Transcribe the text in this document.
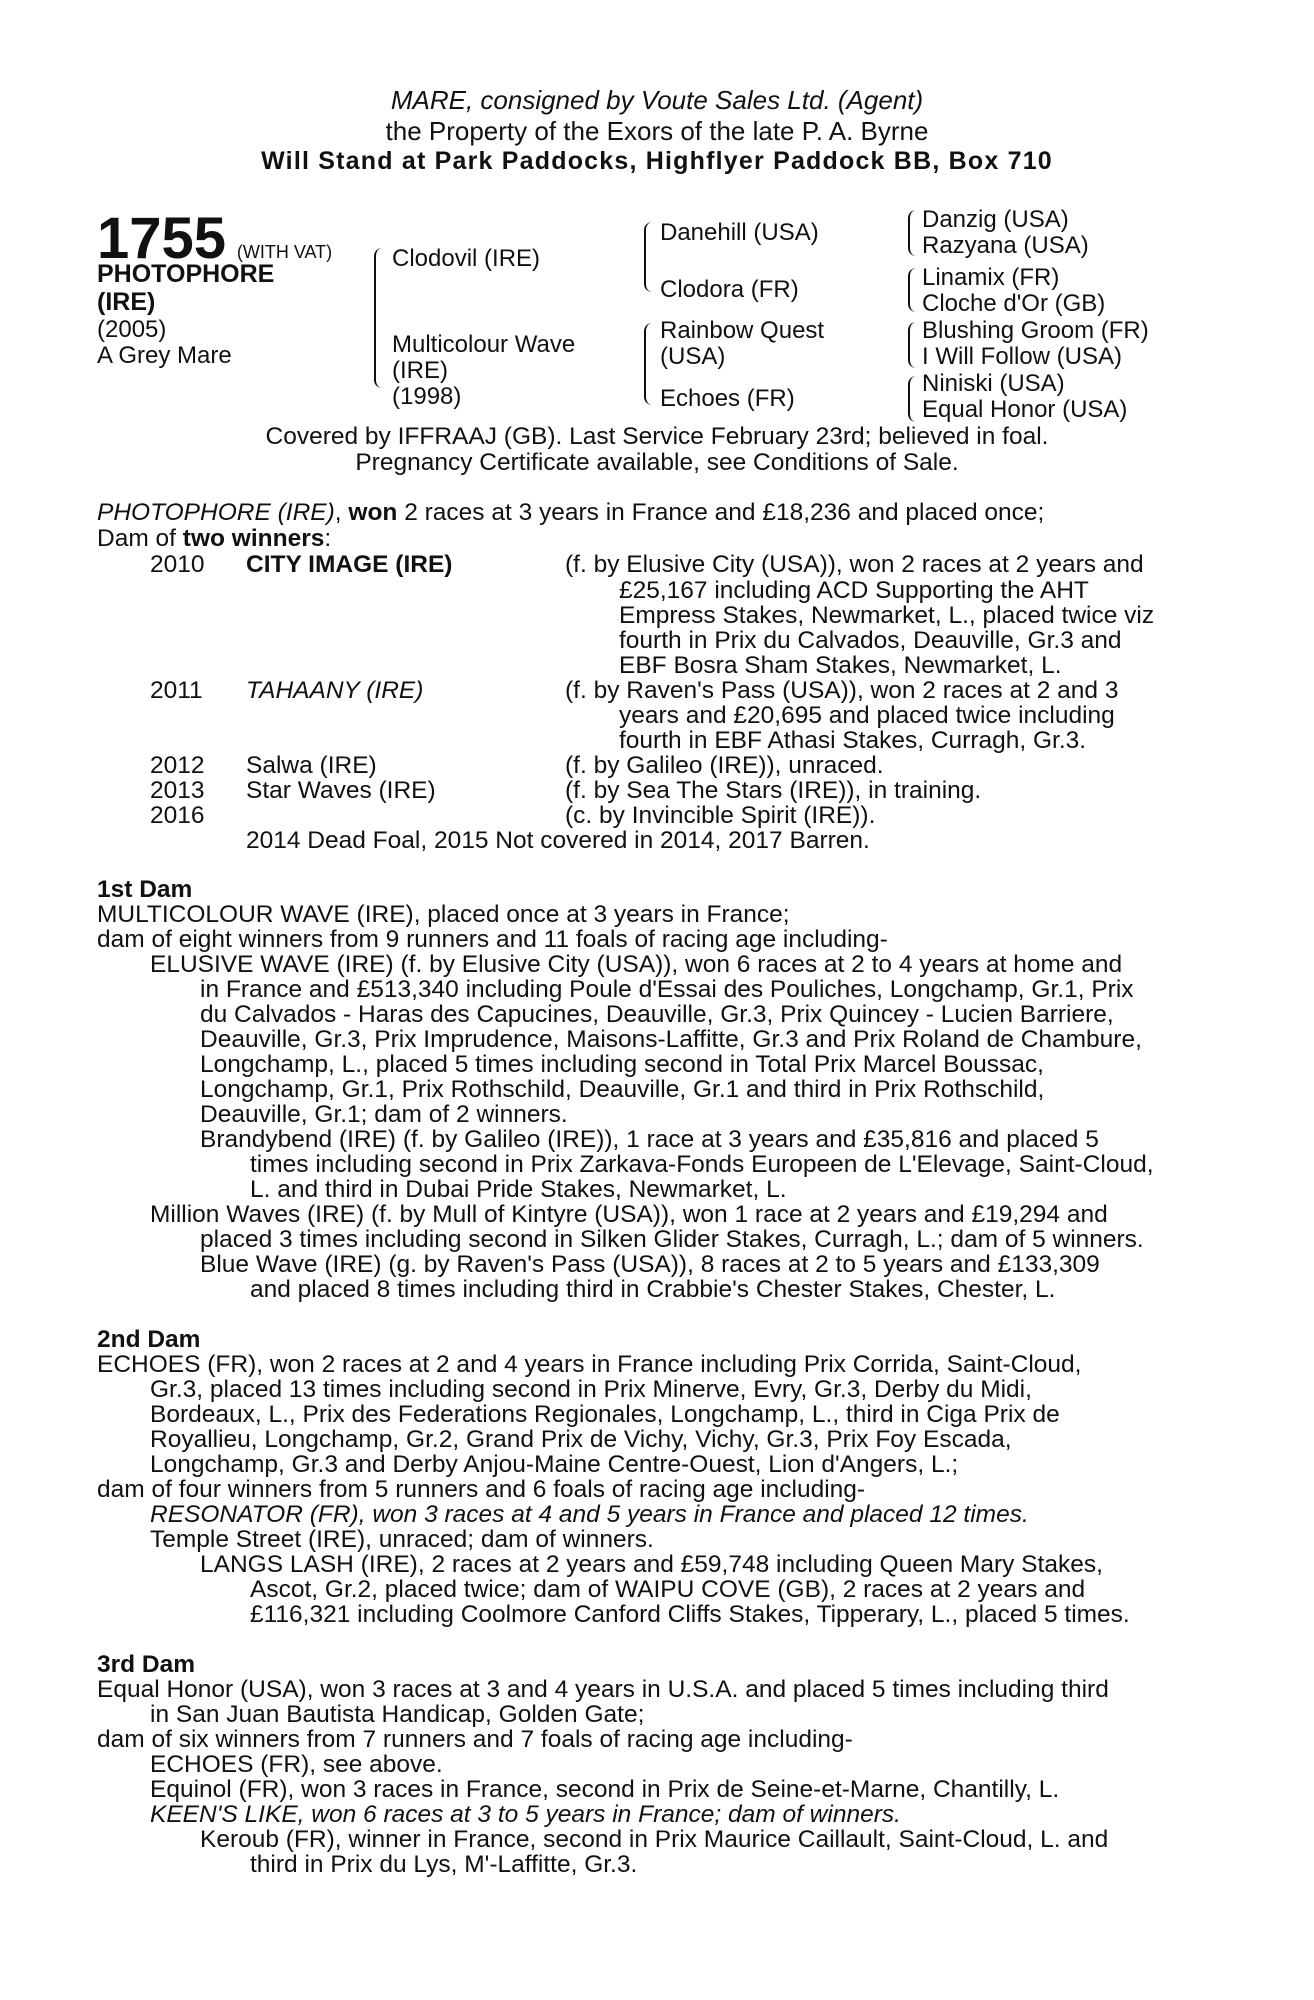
MARE, consigned by Voute Sales Ltd. (Agent)
the Property of the Exors of the late P. A. Byrne
Will Stand at Park Paddocks, Highflyer Paddock BB, Box 710
1755 (WITH VAT)
PHOTOPHORE
(IRE)
(2005)
A Grey Mare
Clodovil (IRE)
Multicolour Wave
(IRE)
(1998)
Danehill (USA)
Clodora (FR)
Rainbow Quest
(USA)
Echoes (FR)
Danzig (USA)
Razyana (USA)
Linamix (FR)
Cloche d'Or (GB)
Blushing Groom (FR)
I Will Follow (USA)
Niniski (USA)
Equal Honor (USA)
Covered by IFFRAAJ (GB). Last Service February 23rd; believed in foal.
Pregnancy Certificate available, see Conditions of Sale.
PHOTOPHORE (IRE), won 2 races at 3 years in France and £18,236 and placed once;
Dam of two winners:
2010 CITY IMAGE (IRE)	(f. by Elusive City (USA)), won 2 races at 2 years and
£25,167 including ACD Supporting the AHT
Empress Stakes, Newmarket, L., placed twice viz
fourth in Prix du Calvados, Deauville, Gr.3 and
EBF Bosra Sham Stakes, Newmarket, L.
2011 TAHAANY (IRE)	(f. by Raven's Pass (USA)), won 2 races at 2 and 3
years and £20,695 and placed twice including
fourth in EBF Athasi Stakes, Curragh, Gr.3.
2012 Salwa (IRE)	(f. by Galileo (IRE)), unraced.
2013 Star Waves (IRE)	(f. by Sea The Stars (IRE)), in training.
2016	(c. by Invincible Spirit (IRE)).
2014 Dead Foal, 2015 Not covered in 2014, 2017 Barren.
1st Dam
MULTICOLOUR WAVE (IRE), placed once at 3 years in France;
dam of eight winners from 9 runners and 11 foals of racing age including-
ELUSIVE WAVE (IRE) (f. by Elusive City (USA)), won 6 races at 2 to 4 years at home and
in France and £513,340 including Poule d'Essai des Pouliches, Longchamp, Gr.1, Prix
du Calvados - Haras des Capucines, Deauville, Gr.3, Prix Quincey - Lucien Barriere,
Deauville, Gr.3, Prix Imprudence, Maisons-Laffitte, Gr.3 and Prix Roland de Chambure,
Longchamp, L., placed 5 times including second in Total Prix Marcel Boussac,
Longchamp, Gr.1, Prix Rothschild, Deauville, Gr.1 and third in Prix Rothschild,
Deauville, Gr.1; dam of 2 winners.
Brandybend (IRE) (f. by Galileo (IRE)), 1 race at 3 years and £35,816 and placed 5
times including second in Prix Zarkava-Fonds Europeen de L'Elevage, Saint-Cloud,
L. and third in Dubai Pride Stakes, Newmarket, L.
Million Waves (IRE) (f. by Mull of Kintyre (USA)), won 1 race at 2 years and £19,294 and
placed 3 times including second in Silken Glider Stakes, Curragh, L.; dam of 5 winners.
Blue Wave (IRE) (g. by Raven's Pass (USA)), 8 races at 2 to 5 years and £133,309
and placed 8 times including third in Crabbie's Chester Stakes, Chester, L.
2nd Dam
ECHOES (FR), won 2 races at 2 and 4 years in France including Prix Corrida, Saint-Cloud,
Gr.3, placed 13 times including second in Prix Minerve, Evry, Gr.3, Derby du Midi,
Bordeaux, L., Prix des Federations Regionales, Longchamp, L., third in Ciga Prix de
Royallieu, Longchamp, Gr.2, Grand Prix de Vichy, Vichy, Gr.3, Prix Foy Escada,
Longchamp, Gr.3 and Derby Anjou-Maine Centre-Ouest, Lion d'Angers, L.;
dam of four winners from 5 runners and 6 foals of racing age including-
RESONATOR (FR), won 3 races at 4 and 5 years in France and placed 12 times.
Temple Street (IRE), unraced; dam of winners.
LANGS LASH (IRE), 2 races at 2 years and £59,748 including Queen Mary Stakes,
Ascot, Gr.2, placed twice; dam of WAIPU COVE (GB), 2 races at 2 years and
£116,321 including Coolmore Canford Cliffs Stakes, Tipperary, L., placed 5 times.
3rd Dam
Equal Honor (USA), won 3 races at 3 and 4 years in U.S.A. and placed 5 times including third
in San Juan Bautista Handicap, Golden Gate;
dam of six winners from 7 runners and 7 foals of racing age including-
ECHOES (FR), see above.
Equinol (FR), won 3 races in France, second in Prix de Seine-et-Marne, Chantilly, L.
KEEN'S LIKE, won 6 races at 3 to 5 years in France; dam of winners.
Keroub (FR), winner in France, second in Prix Maurice Caillault, Saint-Cloud, L. and
third in Prix du Lys, M'-Laffitte, Gr.3.
